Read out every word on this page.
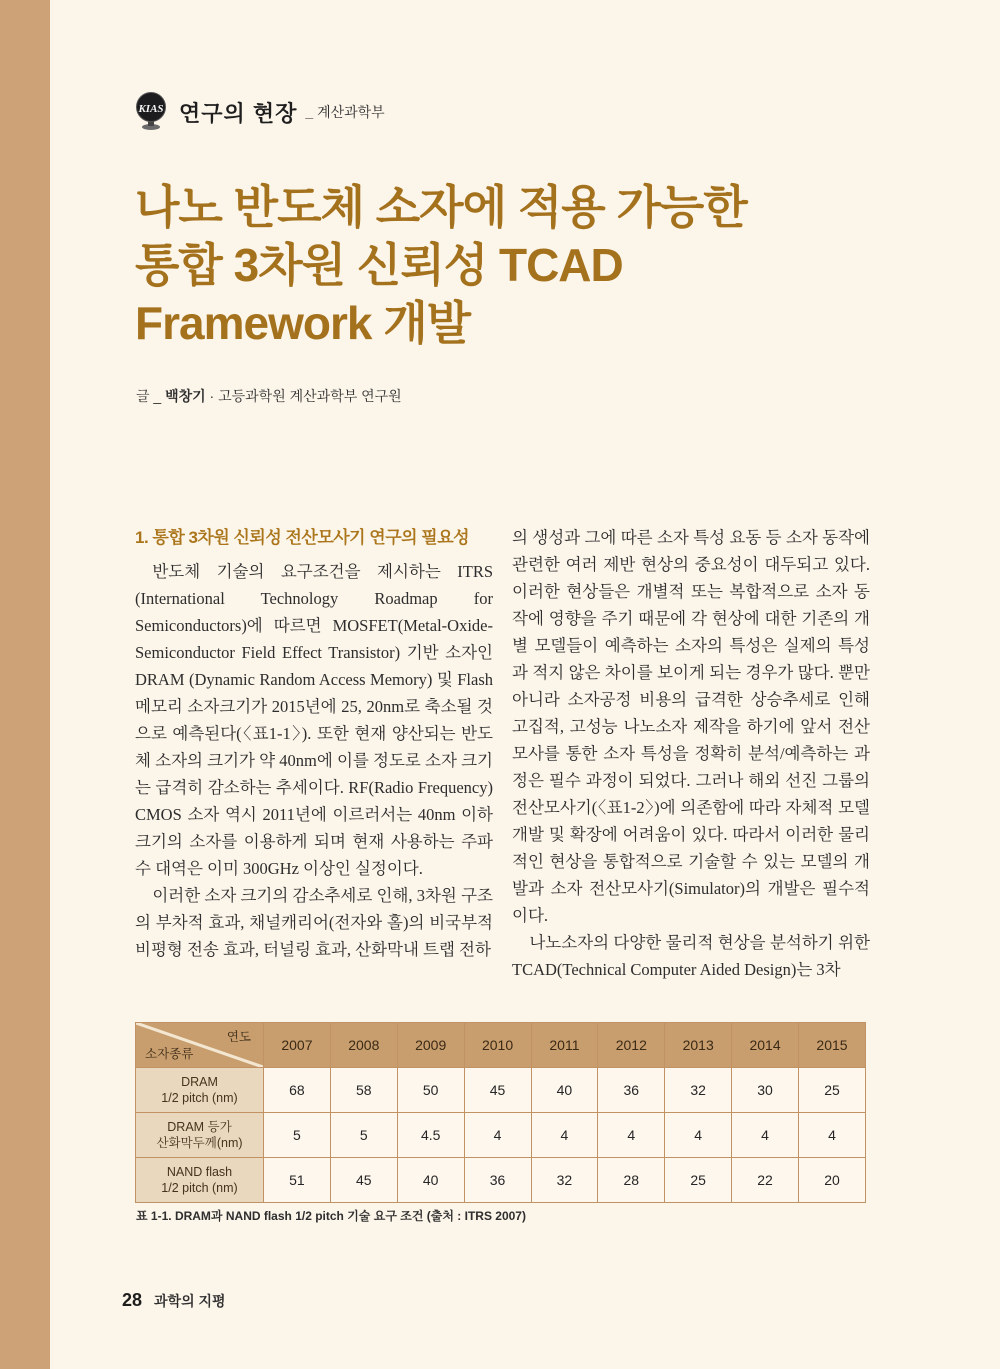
KIAS 연구의 현장 _ 계산과학부
나노 반도체 소자에 적용 가능한
통합 3차원 신뢰성 TCAD
Framework 개발
글 _ 백창기 · 고등과학원 계산과학부 연구원
1. 통합 3차원 신뢰성 전산모사기 연구의 필요성

반도체 기술의 요구조건을 제시하는 ITRS (International Technology Roadmap for Semiconductors)에 따르면 MOSFET(Metal-Oxide-Semiconductor Field Effect Transistor) 기반 소자인 DRAM (Dynamic Random Access Memory) 및 Flash 메모리 소자크기가 2015년에 25, 20nm로 축소될 것으로 예측된다(〈표1-1〉). 또한 현재 양산되는 반도체 소자의 크기가 약 40nm에 이를 정도로 소자 크기는 급격히 감소하는 추세이다. RF(Radio Frequency) CMOS 소자 역시 2011년에 이르러서는 40nm 이하 크기의 소자를 이용하게 되며 현재 사용하는 주파수 대역은 이미 300GHz 이상인 실정이다.

이러한 소자 크기의 감소추세로 인해, 3차원 구조의 부차적 효과, 채널캐리어(전자와 홀)의 비국부적 비평형 전송 효과, 터널링 효과, 산화막내 트랩 전하

의 생성과 그에 따른 소자 특성 요동 등 소자 동작에 관련한 여러 제반 현상의 중요성이 대두되고 있다. 이러한 현상들은 개별적 또는 복합적으로 소자 동작에 영향을 주기 때문에 각 현상에 대한 기존의 개별 모델들이 예측하는 소자의 특성은 실제의 특성과 적지 않은 차이를 보이게 되는 경우가 많다. 뿐만 아니라 소자공정 비용의 급격한 상승추세로 인해 고집적, 고성능 나노소자 제작을 하기에 앞서 전산모사를 통한 소자 특성을 정확히 분석/예측하는 과정은 필수 과정이 되었다. 그러나 해외 선진 그룹의 전산모사기(〈표1-2〉)에 의존함에 따라 자체적 모델 개발 및 확장에 어려움이 있다. 따라서 이러한 물리적인 현상을 통합적으로 기술할 수 있는 모델의 개발과 소자 전산모사기(Simulator)의 개발은 필수적이다.

나노소자의 다양한 물리적 현상을 분석하기 위한 TCAD(Technical Computer Aided Design)는 3차

연도
소자종류	2007	2008	2009	2010	2011	2012	2013	2014	2015

DRAM
1/2 pitch (nm)	68	58	50	45	40	36	32	30	25

DRAM 등가
산화막두께(nm)	5	5	4.5	4	4	4	4	4	4

NAND flash
1/2 pitch (nm)	51	45	40	36	32	28	25	22	20
표 1-1. DRAM과 NAND flash 1/2 pitch 기술 요구 조건 (출처 : ITRS 2007)
28 과학의 지평
